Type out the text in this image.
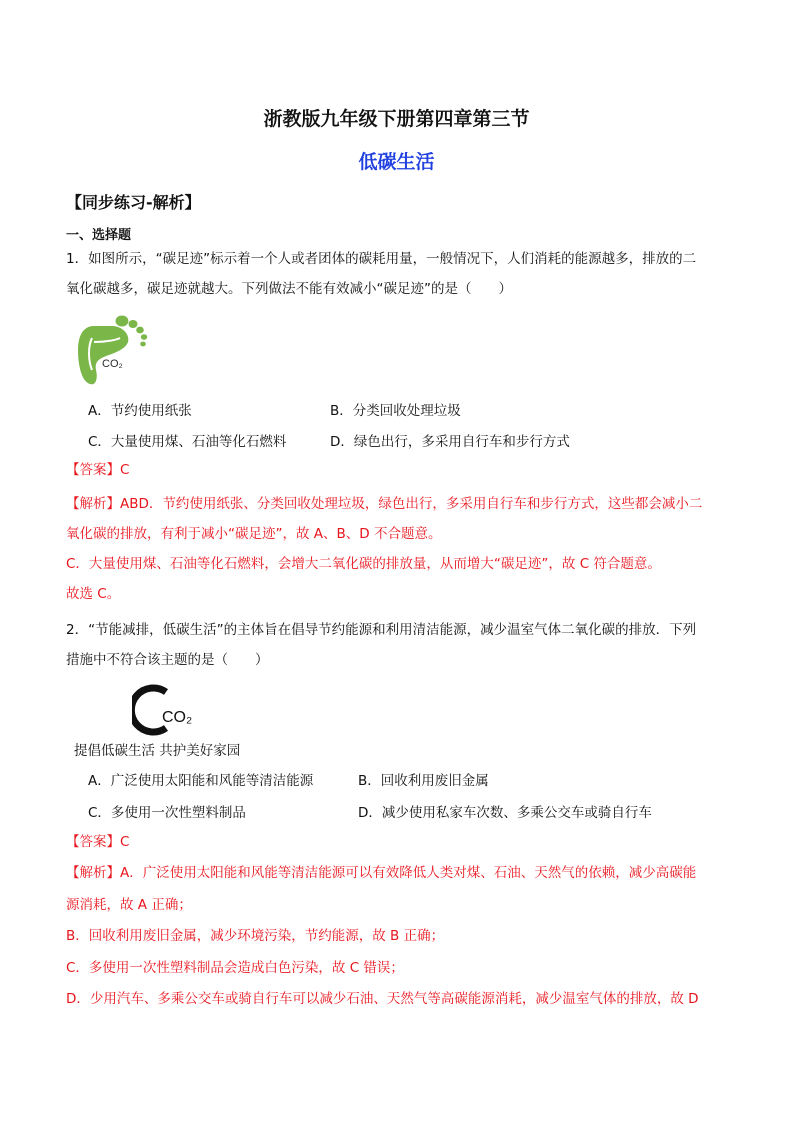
浙教版九年级下册第四章第三节
低碳生活
【同步练习-解析】
一、选择题
1．如图所示，“碳足迹”标示着一个人或者团体的碳耗用量，一般情况下，人们消耗的能源越多，排放的二
氧化碳越多，碳足迹就越大。下列做法不能有效减小“碳足迹”的是（　　）
CO₂
A．节约使用纸张	B．分类回收处理垃圾
C．大量使用煤、石油等化石燃料	D．绿色出行，多采用自行车和步行方式
【答案】C
【解析】ABD．节约使用纸张、分类回收处理垃圾，绿色出行，多采用自行车和步行方式，这些都会减小二
氧化碳的排放，有利于减小“碳足迹”，故 A、B、D 不合题意。
C．大量使用煤、石油等化石燃料，会增大二氧化碳的排放量，从而增大“碳足迹”，故 C 符合题意。
故选 C。
2．“节能减排，低碳生活”的主体旨在倡导节约能源和利用清洁能源，减少温室气体二氧化碳的排放．下列
措施中不符合该主题的是（　　）
CO₂
提倡低碳生活 共护美好家园
A．广泛使用太阳能和风能等清洁能源	B．回收利用废旧金属
C．多使用一次性塑料制品	D．减少使用私家车次数、多乘公交车或骑自行车
【答案】C
【解析】A．广泛使用太阳能和风能等清洁能源可以有效降低人类对煤、石油、天然气的依赖，减少高碳能
源消耗，故 A 正确；
B．回收利用废旧金属，减少环境污染，节约能源，故 B 正确；
C．多使用一次性塑料制品会造成白色污染，故 C 错误；
D．少用汽车、多乘公交车或骑自行车可以减少石油、天然气等高碳能源消耗，减少温室气体的排放，故 D
